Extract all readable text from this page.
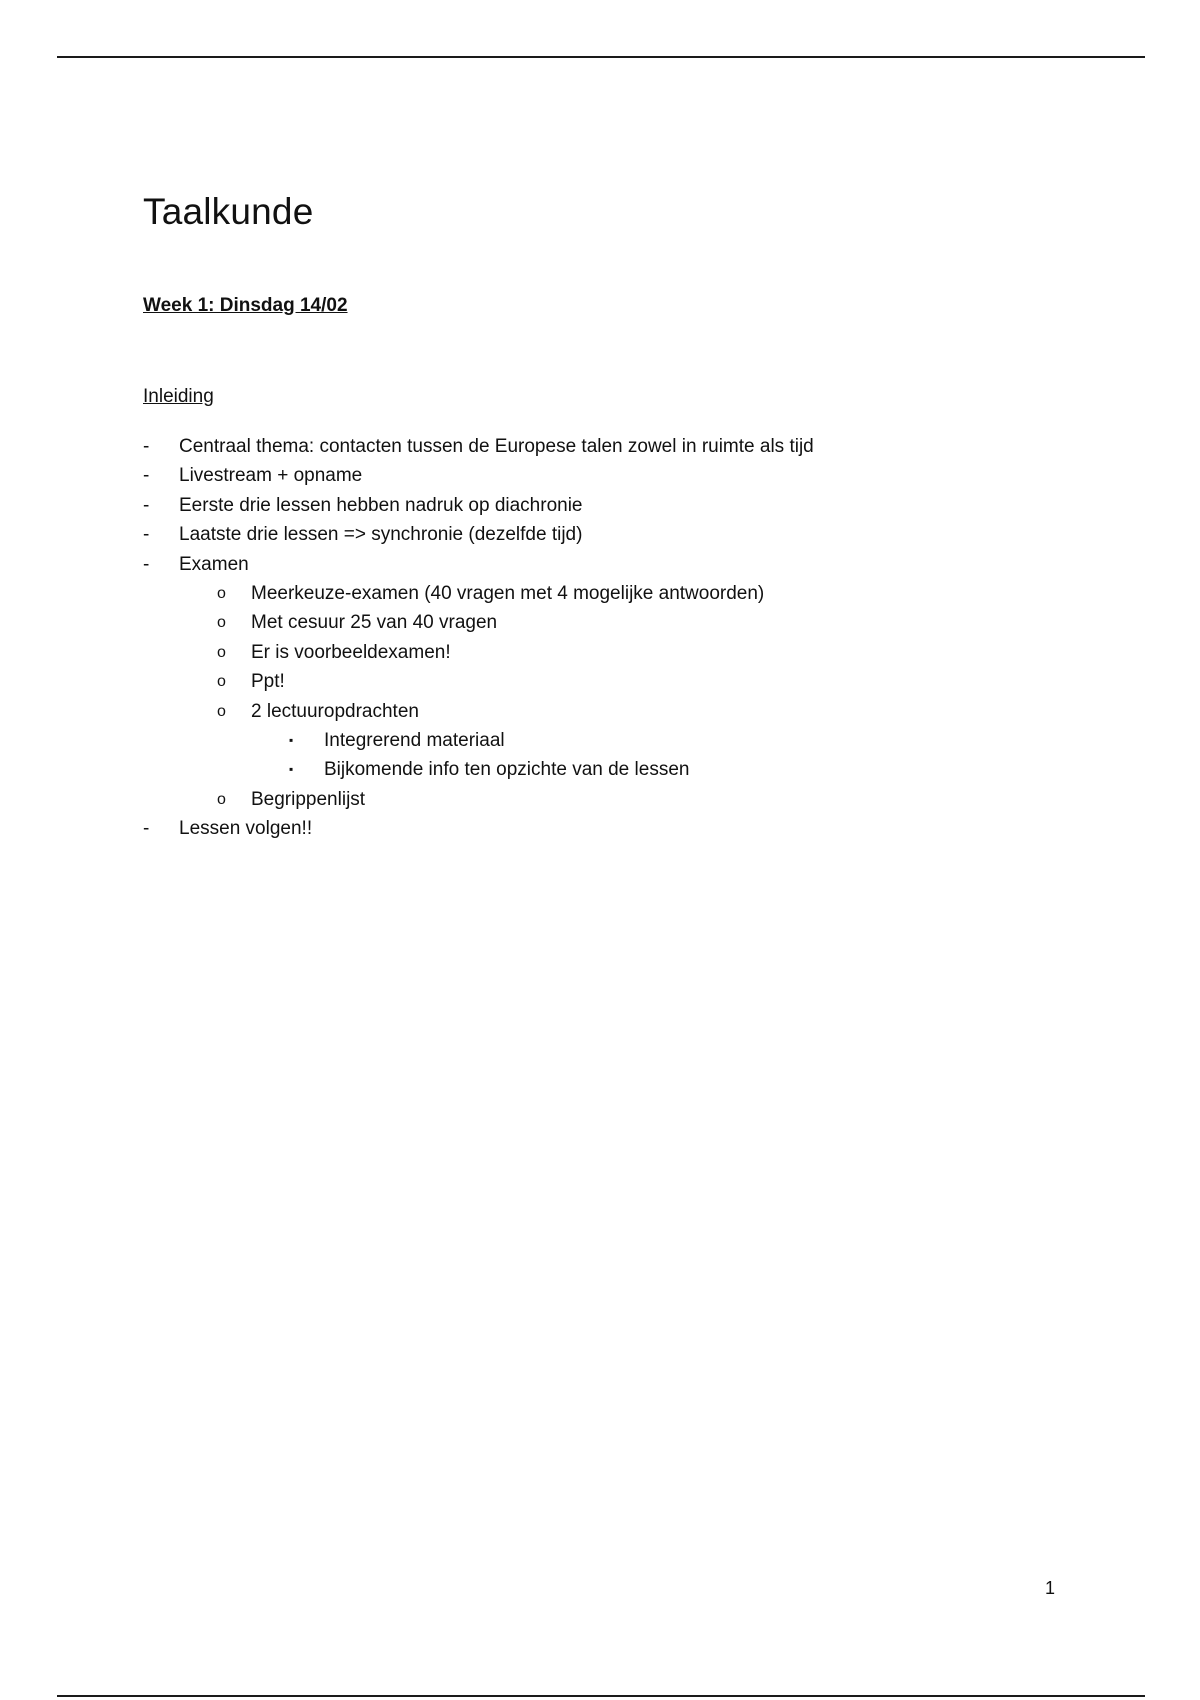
Taalkunde
Week 1: Dinsdag 14/02
Inleiding
- Centraal thema: contacten tussen de Europese talen zowel in ruimte als tijd
- Livestream + opname
- Eerste drie lessen hebben nadruk op diachronie
- Laatste drie lessen => synchronie (dezelfde tijd)
- Examen
o Meerkeuze-examen (40 vragen met 4 mogelijke antwoorden)
o Met cesuur 25 van 40 vragen
o Er is voorbeeldexamen!
o Ppt!
o 2 lectuuropdrachten
▪ Integrerend materiaal
▪ Bijkomende info ten opzichte van de lessen
o Begrippenlijst
- Lessen volgen!!
1
